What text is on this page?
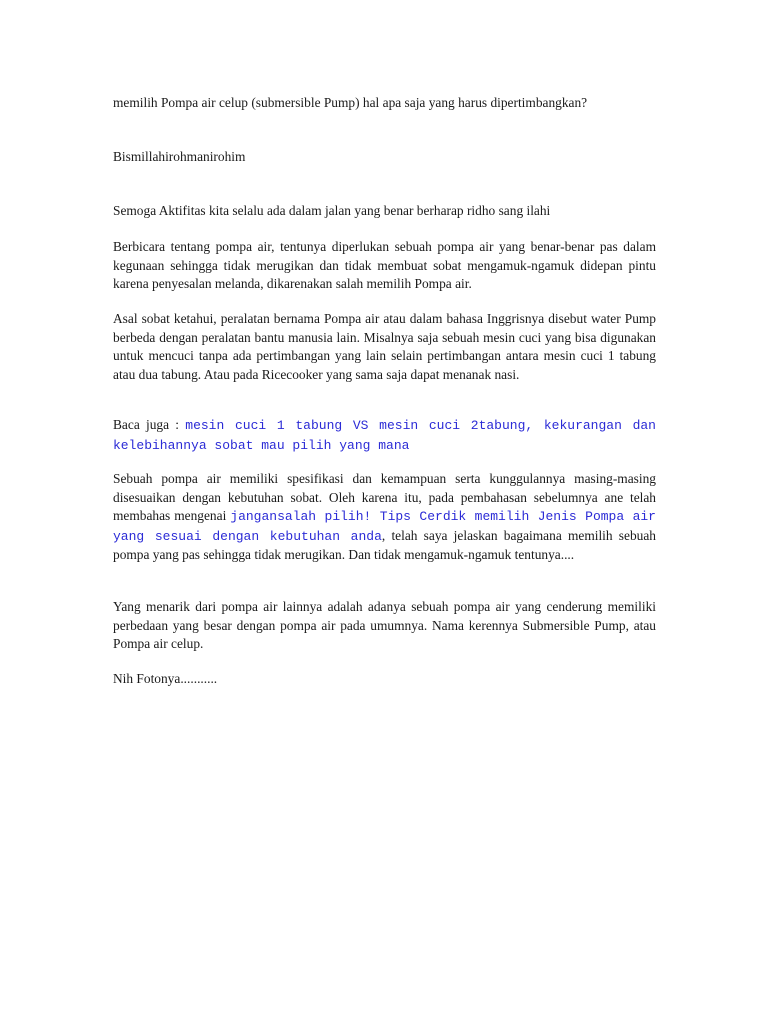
memilih Pompa air celup (submersible Pump) hal apa saja yang harus dipertimbangkan?

Bismillahirohmanirohim

Semoga Aktifitas kita selalu ada dalam jalan yang benar berharap ridho sang ilahi

Berbicara tentang pompa air, tentunya diperlukan sebuah pompa air yang benar-benar pas dalam kegunaan sehingga tidak merugikan dan tidak membuat sobat mengamuk-ngamuk didepan pintu karena penyesalan melanda, dikarenakan salah memilih Pompa air.

Asal sobat ketahui, peralatan bernama Pompa air atau dalam bahasa Inggrisnya disebut water Pump berbeda dengan peralatan bantu manusia lain. Misalnya saja sebuah mesin cuci yang bisa digunakan untuk mencuci tanpa ada pertimbangan yang lain selain pertimbangan antara mesin cuci 1 tabung atau dua tabung. Atau pada Ricecooker yang sama saja dapat menanak nasi.

Baca juga : mesin cuci 1 tabung VS mesin cuci 2tabung, kekurangan dan kelebihannya sobat mau pilih yang mana

Sebuah pompa air memiliki spesifikasi dan kemampuan serta kunggulannya masing-masing disesuaikan dengan kebutuhan sobat. Oleh karena itu, pada pembahasan sebelumnya ane telah membahas mengenai jangansalah pilih! Tips Cerdik memilih Jenis Pompa air yang sesuai dengan kebutuhan anda, telah saya jelaskan bagaimana memilih sebuah pompa yang pas sehingga tidak merugikan. Dan tidak mengamuk-ngamuk tentunya....

Yang menarik dari pompa air lainnya adalah adanya sebuah pompa air yang cenderung memiliki perbedaan yang besar dengan pompa air pada umumnya. Nama kerennya Submersible Pump, atau Pompa air celup.

Nih Fotonya...........
